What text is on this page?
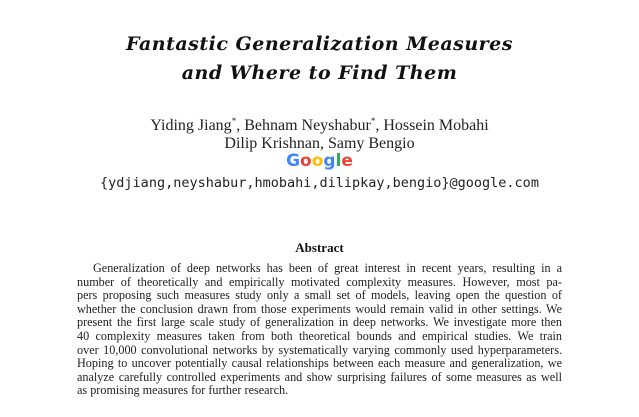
Fantastic Generalization Measures
and Where to Find Them
Yiding Jiang*, Behnam Neyshabur*, Hossein Mobahi
Dilip Krishnan, Samy Bengio
Google
{ydjiang,neyshabur,hmobahi,dilipkay,bengio}@google.com
Abstract
Generalization of deep networks has been of great interest in recent years, resulting in a
number of theoretically and empirically motivated complexity measures. However, most pa-
pers proposing such measures study only a small set of models, leaving open the question of
whether the conclusion drawn from those experiments would remain valid in other settings. We
present the first large scale study of generalization in deep networks. We investigate more then
40 complexity measures taken from both theoretical bounds and empirical studies. We train
over 10,000 convolutional networks by systematically varying commonly used hyperparameters.
Hoping to uncover potentially causal relationships between each measure and generalization, we
analyze carefully controlled experiments and show surprising failures of some measures as well
as promising measures for further research.
